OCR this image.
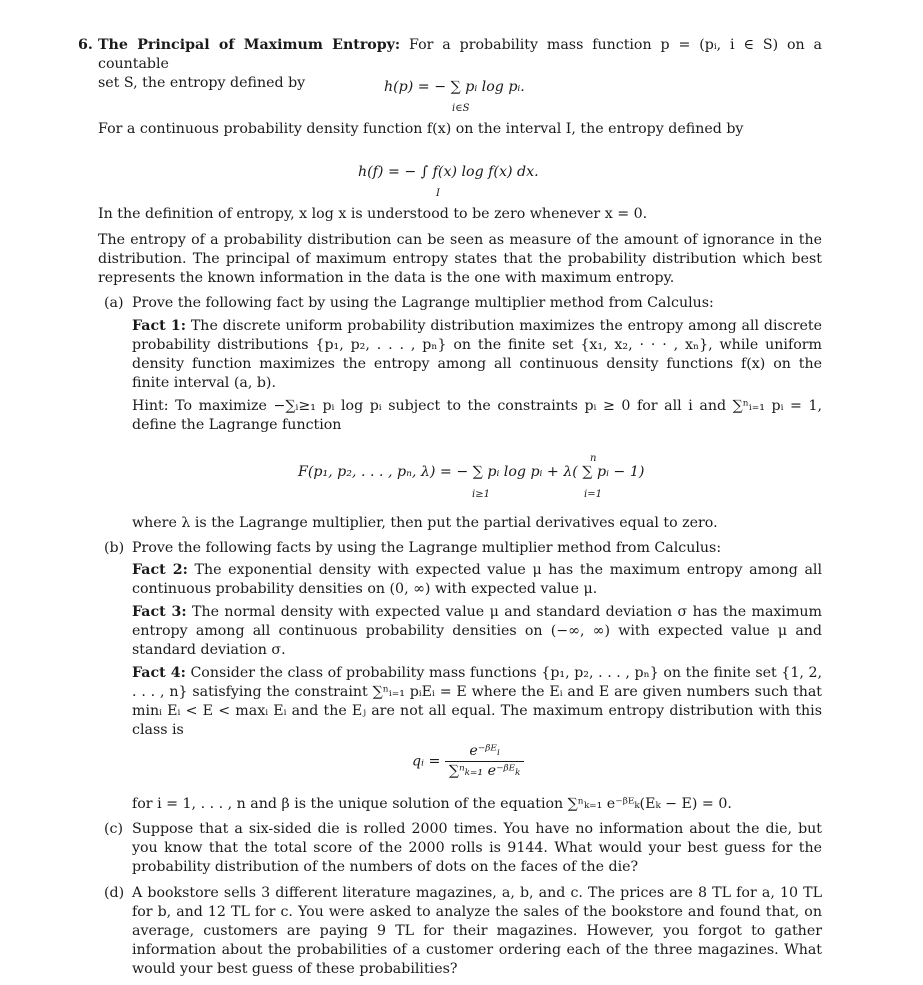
6. The Principal of Maximum Entropy: For a probability mass function p = (pᵢ, i ∈ S) on a countable
set S, the entropy defined by	h(p) = − ∑ pᵢ log pᵢ.
i∈S
For a continuous probability density function f(x) on the interval I, the entropy defined by
h(f) = − ∫ f(x) log f(x) dx.
I
In the definition of entropy, x log x is understood to be zero whenever x = 0.
The entropy of a probability distribution can be seen as measure of the amount of ignorance in the distribution. The principal of maximum entropy states that the probability distribution which best represents the known information in the data is the one with maximum entropy.
(a) Prove the following fact by using the Lagrange multiplier method from Calculus:
Fact 1: The discrete uniform probability distribution maximizes the entropy among all discrete probability distributions {p₁, p₂, . . . , pₙ} on the finite set {x₁, x₂, · · · , xₙ}, while uniform density function maximizes the entropy among all continuous density functions f(x) on the finite interval (a, b).
Hint: To maximize −∑ᵢ≥₁ pᵢ log pᵢ subject to the constraints pᵢ ≥ 0 for all i and ∑ⁿᵢ₌₁ pᵢ = 1, define the Lagrange function
F(p₁, p₂, . . . , pₙ, λ) = − ∑ pᵢ log pᵢ + λ( ∑ pᵢ − 1)
i≥1
n
i=1
where λ is the Lagrange multiplier, then put the partial derivatives equal to zero.
(b) Prove the following facts by using the Lagrange multiplier method from Calculus:
Fact 2: The exponential density with expected value μ has the maximum entropy among all continuous probability densities on (0, ∞) with expected value μ.
Fact 3: The normal density with expected value μ and standard deviation σ has the maximum entropy among all continuous probability densities on (−∞, ∞) with expected value μ and standard deviation σ.
Fact 4: Consider the class of probability mass functions {p₁, p₂, . . . , pₙ} on the finite set {1, 2, . . . , n} satisfying the constraint ∑ⁿᵢ₌₁ pᵢEᵢ = E where the Eᵢ and E are given numbers such that minᵢ Eᵢ < E < maxᵢ Eᵢ and the Eⱼ are not all equal. The maximum entropy distribution with this class is
qᵢ = $\frac{\text{e⁻ᵝᴱᵢ}}{\text{∑ⁿₖ₌₁ e⁻ᵝᴱₖ}}$
for i = 1, . . . , n and β is the unique solution of the equation ∑ⁿₖ₌₁ e⁻ᵝᴱₖ(Eₖ − E) = 0.
(c) Suppose that a six-sided die is rolled 2000 times. You have no information about the die, but you know that the total score of the 2000 rolls is 9144. What would your best guess for the probability distribution of the numbers of dots on the faces of the die?
(d) A bookstore sells 3 different literature magazines, a, b, and c. The prices are 8 TL for a, 10 TL for b, and 12 TL for c. You were asked to analyze the sales of the bookstore and found that, on average, customers are paying 9 TL for their magazines. However, you forgot to gather information about the probabilities of a customer ordering each of the three magazines. What would your best guess of these probabilities?
